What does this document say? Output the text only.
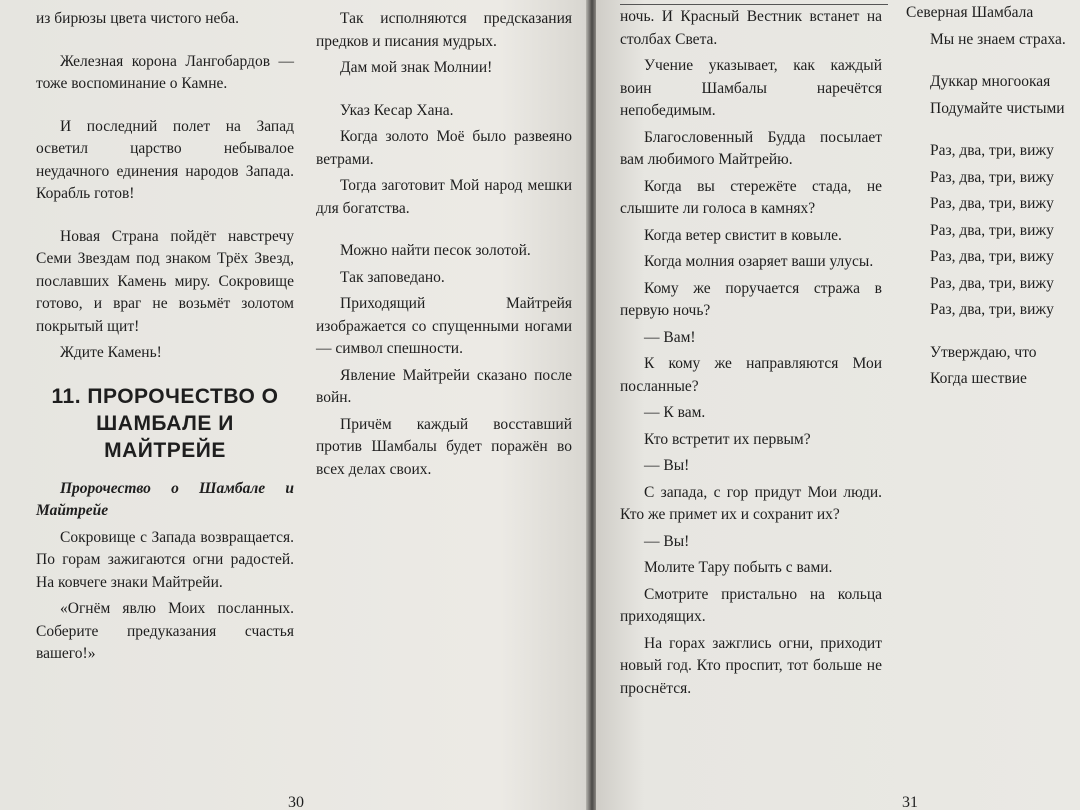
из бирюзы цвета чистого неба.

Железная корона Лангобардов — тоже воспоминание о Камне.

И последний полет на Запад осветил царство небывалое неудачного единения народов Запада. Корабль готов!

Новая Страна пойдёт навстречу Семи Звездам под знаком Трёх Звезд, пославших Камень миру. Сокровище готово, и враг не возьмёт золотом покрытый щит!

Ждите Камень!

11. ПРОРОЧЕСТВО О ШАМБАЛЕ И МАЙТРЕЙЕ

Пророчество о Шамбале и Майтрейе

Сокровище с Запада возвращается. По горам зажигаются огни радостей. На ковчеге знаки Майтрейи.

«Огнём явлю Моих посланных. Соберите предуказания счастья вашего!»

Так исполняются предсказания предков и писания мудрых.

Дам мой знак Молнии!

Указ Кесар Хана.

Когда золото Моё было развеяно ветрами.

Тогда заготовит Мой народ мешки для богатства.

Можно найти песок золотой.

Так заповедано.

Приходящий Майтрейя изображается со спущенными ногами — символ спешности.

Явление Майтрейи сказано после войн.

Причём каждый восставший против Шамбалы будет поражён во всех делах своих.

30

ночь. И Красный Вестник встанет на столбах Света.

Учение указывает, как каждый воин Шамбалы наречётся непобедимым.

Благословенный Будда посылает вам любимого Майтрейю.

Когда вы стережёте стада, не слышите ли голоса в камнях?

Когда ветер свистит в ковыле.

Когда молния озаряет ваши улусы.

Кому же поручается стража в первую ночь?

— Вам!

К кому же направляются Мои посланные?

— К вам.

Кто встретит их первым?

— Вы!

С запада, с гор придут Мои люди. Кто же примет их и сохранит их?

— Вы!

Молите Тару побыть с вами.

Смотрите пристально на кольца приходящих.

На горах зажглись огни, приходит новый год. Кто проспит, тот больше не проснётся.

Северная Шамбала

Мы не знаем страха.

Дуккар многоокая

Подумайте чистыми

Раз, два, три, вижу

Раз, два, три, вижу

Раз, два, три, вижу

Раз, два, три, вижу

Раз, два, три, вижу

Раз, два, три, вижу

Раз, два, три, вижу

Утверждаю, что

Когда шествие

31
